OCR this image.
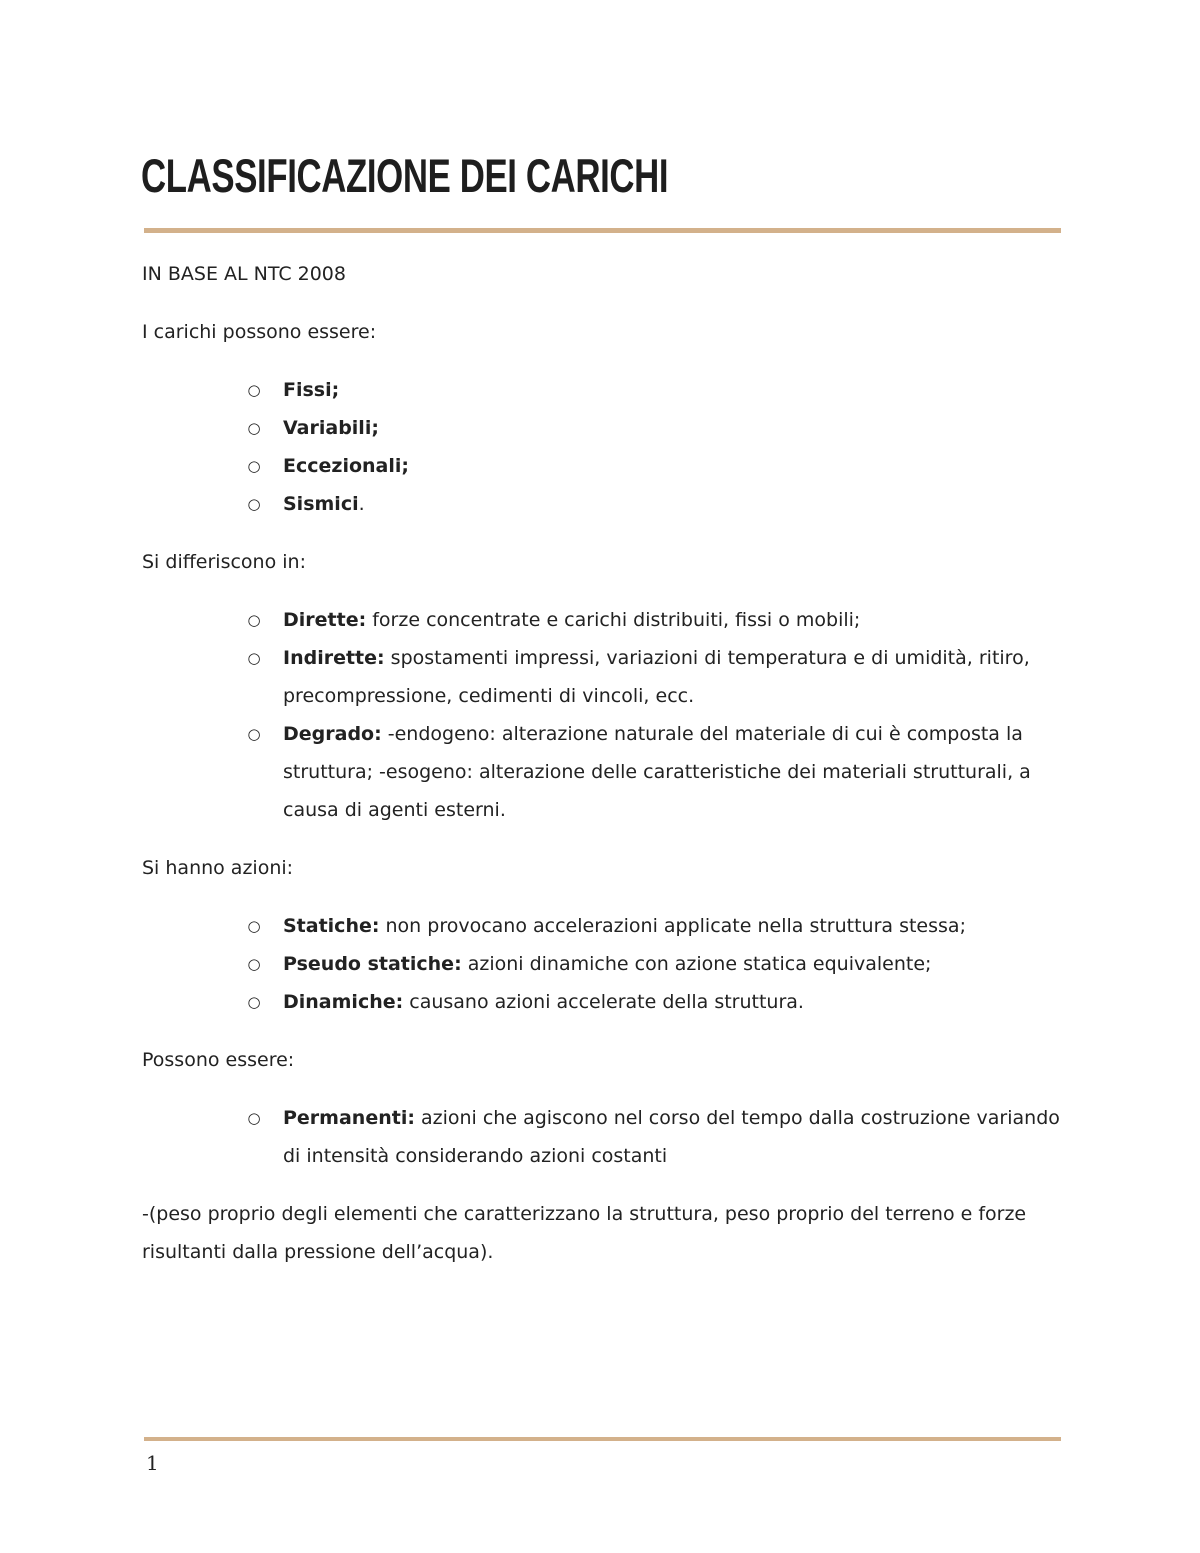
CLASSIFICAZIONE DEI CARICHI

IN BASE AL NTC 2008

I carichi possono essere:

○ Fissi;
○ Variabili;
○ Eccezionali;
○ Sismici.

Si differiscono in:

○ Dirette: forze concentrate e carichi distribuiti, fissi o mobili;
○ Indirette: spostamenti impressi, variazioni di temperatura e di umidità, ritiro, precompressione, cedimenti di vincoli, ecc.
○ Degrado: -endogeno: alterazione naturale del materiale di cui è composta la struttura; -esogeno: alterazione delle caratteristiche dei materiali strutturali, a causa di agenti esterni.

Si hanno azioni:

○ Statiche: non provocano accelerazioni applicate nella struttura stessa;
○ Pseudo statiche: azioni dinamiche con azione statica equivalente;
○ Dinamiche: causano azioni accelerate della struttura.

Possono essere:

○ Permanenti: azioni che agiscono nel corso del tempo dalla costruzione variando di intensità considerando azioni costanti

-(peso proprio degli elementi che caratterizzano la struttura, peso proprio del terreno e forze risultanti dalla pressione dell’acqua).

1
